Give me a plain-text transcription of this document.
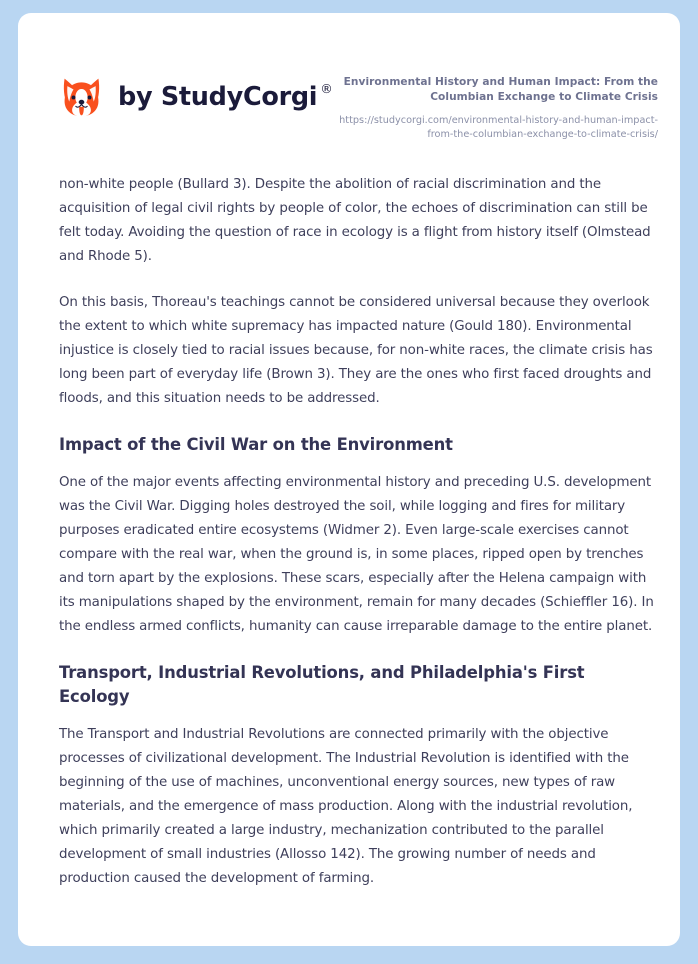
by StudyCorgi ®	Environmental History and Human Impact: From the Columbian Exchange to Climate Crisis

https://studycorgi.com/environmental-history-and-human-impact-from-the-columbian-exchange-to-climate-crisis/

non-white people (Bullard 3). Despite the abolition of racial discrimination and the acquisition of legal civil rights by people of color, the echoes of discrimination can still be felt today. Avoiding the question of race in ecology is a flight from history itself (Olmstead and Rhode 5).

On this basis, Thoreau's teachings cannot be considered universal because they overlook the extent to which white supremacy has impacted nature (Gould 180). Environmental injustice is closely tied to racial issues because, for non-white races, the climate crisis has long been part of everyday life (Brown 3). They are the ones who first faced droughts and floods, and this situation needs to be addressed.

Impact of the Civil War on the Environment

One of the major events affecting environmental history and preceding U.S. development was the Civil War. Digging holes destroyed the soil, while logging and fires for military purposes eradicated entire ecosystems (Widmer 2). Even large-scale exercises cannot compare with the real war, when the ground is, in some places, ripped open by trenches and torn apart by the explosions. These scars, especially after the Helena campaign with its manipulations shaped by the environment, remain for many decades (Schieffler 16). In the endless armed conflicts, humanity can cause irreparable damage to the entire planet.

Transport, Industrial Revolutions, and Philadelphia's First Ecology

The Transport and Industrial Revolutions are connected primarily with the objective processes of civilizational development. The Industrial Revolution is identified with the beginning of the use of machines, unconventional energy sources, new types of raw materials, and the emergence of mass production. Along with the industrial revolution, which primarily created a large industry, mechanization contributed to the parallel development of small industries (Allosso 142). The growing number of needs and production caused the development of farming.
